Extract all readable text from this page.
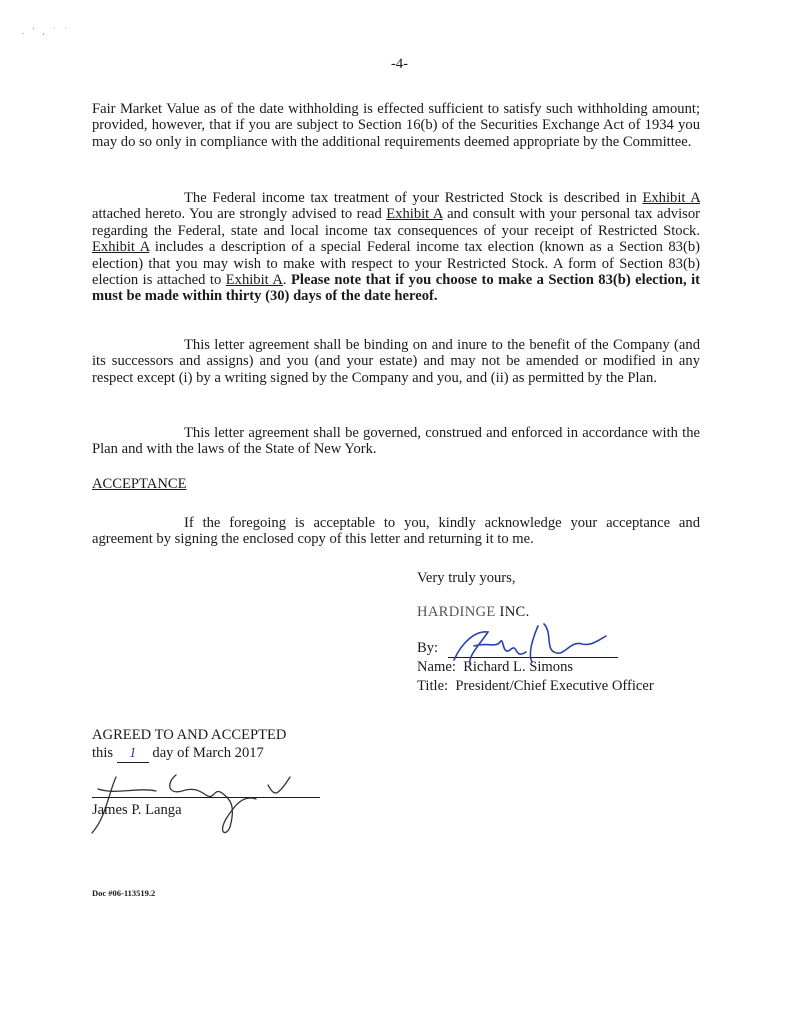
. ' , ˙ ˙
-4-
Fair Market Value as of the date withholding is effected sufficient to satisfy such withholding amount; provided, however, that if you are subject to Section 16(b) of the Securities Exchange Act of 1934 you may do so only in compliance with the additional requirements deemed appropriate by the Committee.
The Federal income tax treatment of your Restricted Stock is described in Exhibit A attached hereto. You are strongly advised to read Exhibit A and consult with your personal tax advisor regarding the Federal, state and local income tax consequences of your receipt of Restricted Stock. Exhibit A includes a description of a special Federal income tax election (known as a Section 83(b) election) that you may wish to make with respect to your Restricted Stock. A form of Section 83(b) election is attached to Exhibit A. Please note that if you choose to make a Section 83(b) election, it must be made within thirty (30) days of the date hereof.
This letter agreement shall be binding on and inure to the benefit of the Company (and its successors and assigns) and you (and your estate) and may not be amended or modified in any respect except (i) by a writing signed by the Company and you, and (ii) as permitted by the Plan.
This letter agreement shall be governed, construed and enforced in accordance with the Plan and with the laws of the State of New York.
ACCEPTANCE
If the foregoing is acceptable to you, kindly acknowledge your acceptance and agreement by signing the enclosed copy of this letter and returning it to me.
Very truly yours,
HARDINGE INC.
By:
Name: Richard L. Simons
Title: President/Chief Executive Officer
AGREED TO AND ACCEPTED
this 1 day of March 2017
James P. Langa
Doc #06-113519.2
